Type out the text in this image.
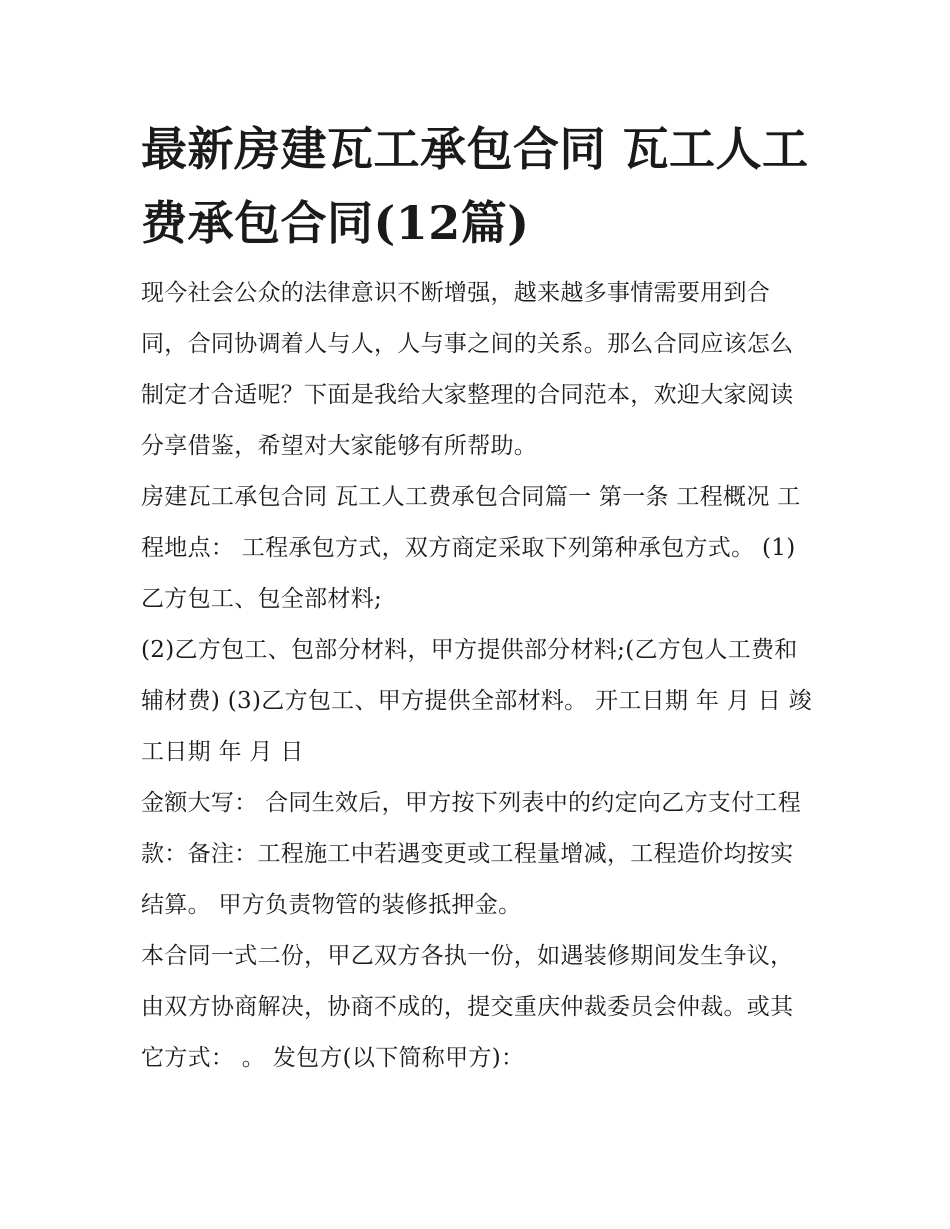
最新房建瓦工承包合同 瓦工人工费承包合同(12篇)

现今社会公众的法律意识不断增强，越来越多事情需要用到合同，合同协调着人与人，人与事之间的关系。那么合同应该怎么制定才合适呢？下面是我给大家整理的合同范本，欢迎大家阅读分享借鉴，希望对大家能够有所帮助。

房建瓦工承包合同 瓦工人工费承包合同篇一 第一条 工程概况 工程地点： 工程承包方式，双方商定采取下列第种承包方式。 (1)乙方包工、包全部材料;

(2)乙方包工、包部分材料，甲方提供部分材料;(乙方包人工费和辅材费) (3)乙方包工、甲方提供全部材料。 开工日期 年 月 日 竣工日期 年 月 日

金额大写： 合同生效后，甲方按下列表中的约定向乙方支付工程款：备注：工程施工中若遇变更或工程量增减，工程造价均按实结算。 甲方负责物管的装修抵押金。

本合同一式二份，甲乙双方各执一份，如遇装修期间发生争议，由双方协商解决，协商不成的，提交重庆仲裁委员会仲裁。或其它方式： 。 发包方(以下简称甲方)：
